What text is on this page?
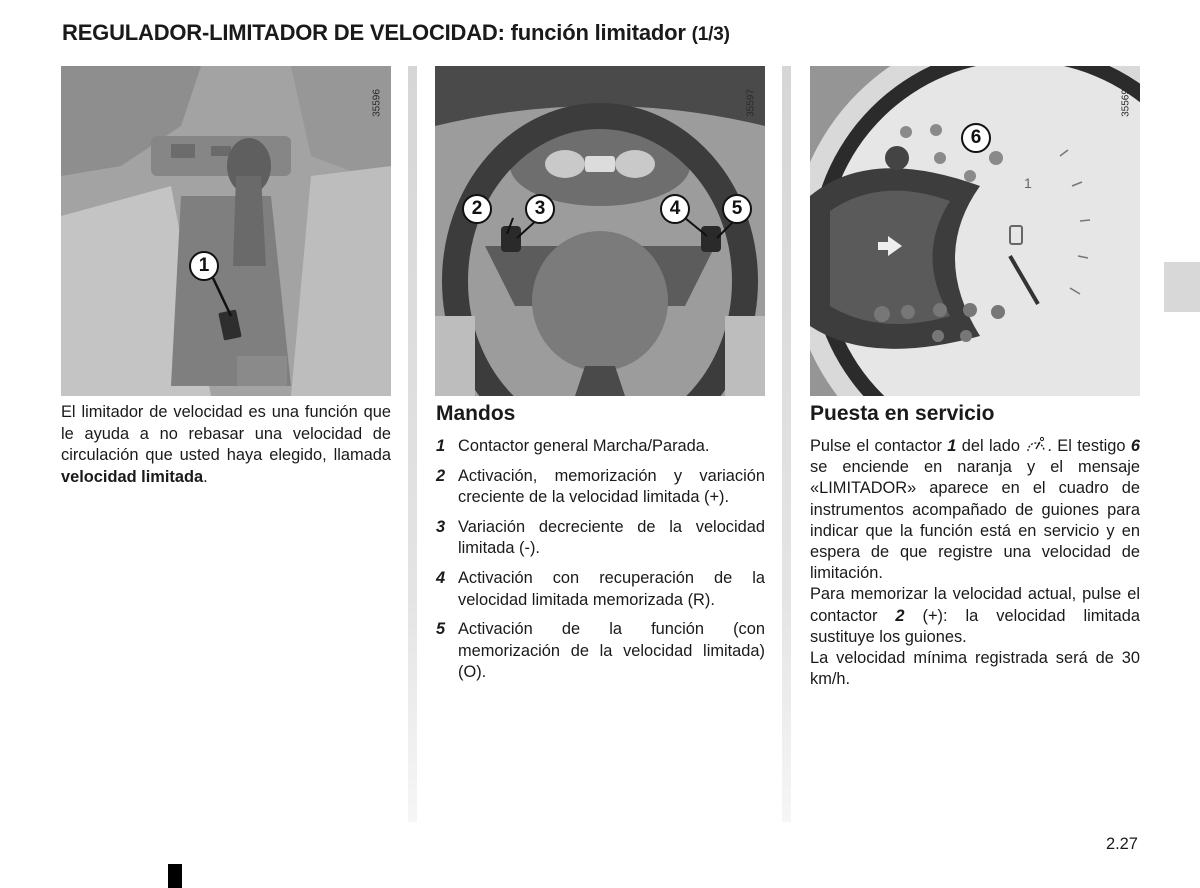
REGULADOR-LIMITADOR DE VELOCIDAD: función limitador (1/3)
35596
1
35597
2	3	4	5
1
35569
6

El limitador de velocidad es una función que le ayuda a no rebasar una velocidad de circulación que usted haya elegido, llamada velocidad limitada.

Mandos
1 Contactor general Marcha/Parada.
2 Activación, memorización y variación creciente de la velocidad limitada (+).
3 Variación decreciente de la velocidad limitada (-).
4 Activación con recuperación de la velocidad limitada memorizada (R).
5 Activación de la función (con memorización de la velocidad limitada) (O).
Puesta en servicio

Pulse el contactor 1 del lado . El testigo 6 se enciende en naranja y el mensaje «LIMITADOR» aparece en el cuadro de instrumentos acompañado de guiones para indicar que la función está en servicio y en espera de que registre una velocidad de limitación.

Para memorizar la velocidad actual, pulse el contactor 2 (+): la velocidad limitada sustituye los guiones.

La velocidad mínima registrada será de 30 km/h.

2.27
